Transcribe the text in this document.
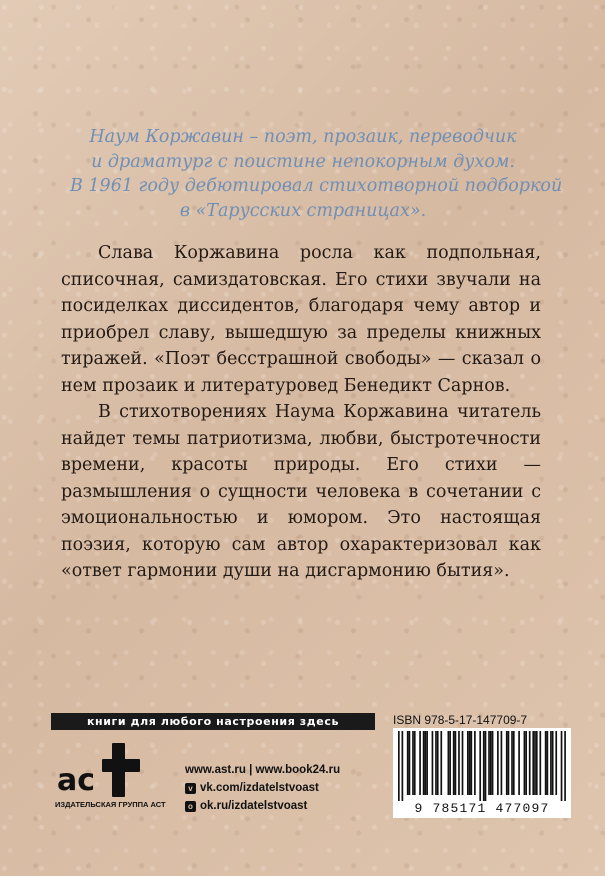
Наум Коржавин – поэт, прозаик, переводчик
и драматург с поистине непокорным духом.
В 1961 году дебютировал стихотворной подборкой
в «Тарусских страницах».

Слава Коржавина росла как подпольная, списочная, самиздатовская. Его стихи звучали на посиделках диссидентов, благодаря чему автор и приобрел славу, вышедшую за пределы книжных тиражей. «Поэт бесстрашной свободы» — сказал о нем прозаик и литературовед Бенедикт Сарнов.

В стихотворениях Наума Коржавина читатель найдет темы патриотизма, любви, быстротечности времени, красоты природы. Его стихи — размышления о сущности человека в сочетании с эмоциональностью и юмором. Это настоящая поэзия, которую сам автор охарактеризовал как «ответ гармонии души на дисгармонию бытия».

книги для любого настроения здесь
ас
ИЗДАТЕЛЬСКАЯ ГРУППА АСТ
www.ast.ru | www.book24.ru
v vk.com/izdatelstvoast
o ok.ru/izdatelstvoast
ISBN 978-5-17-147709-7
9 785171 477097
